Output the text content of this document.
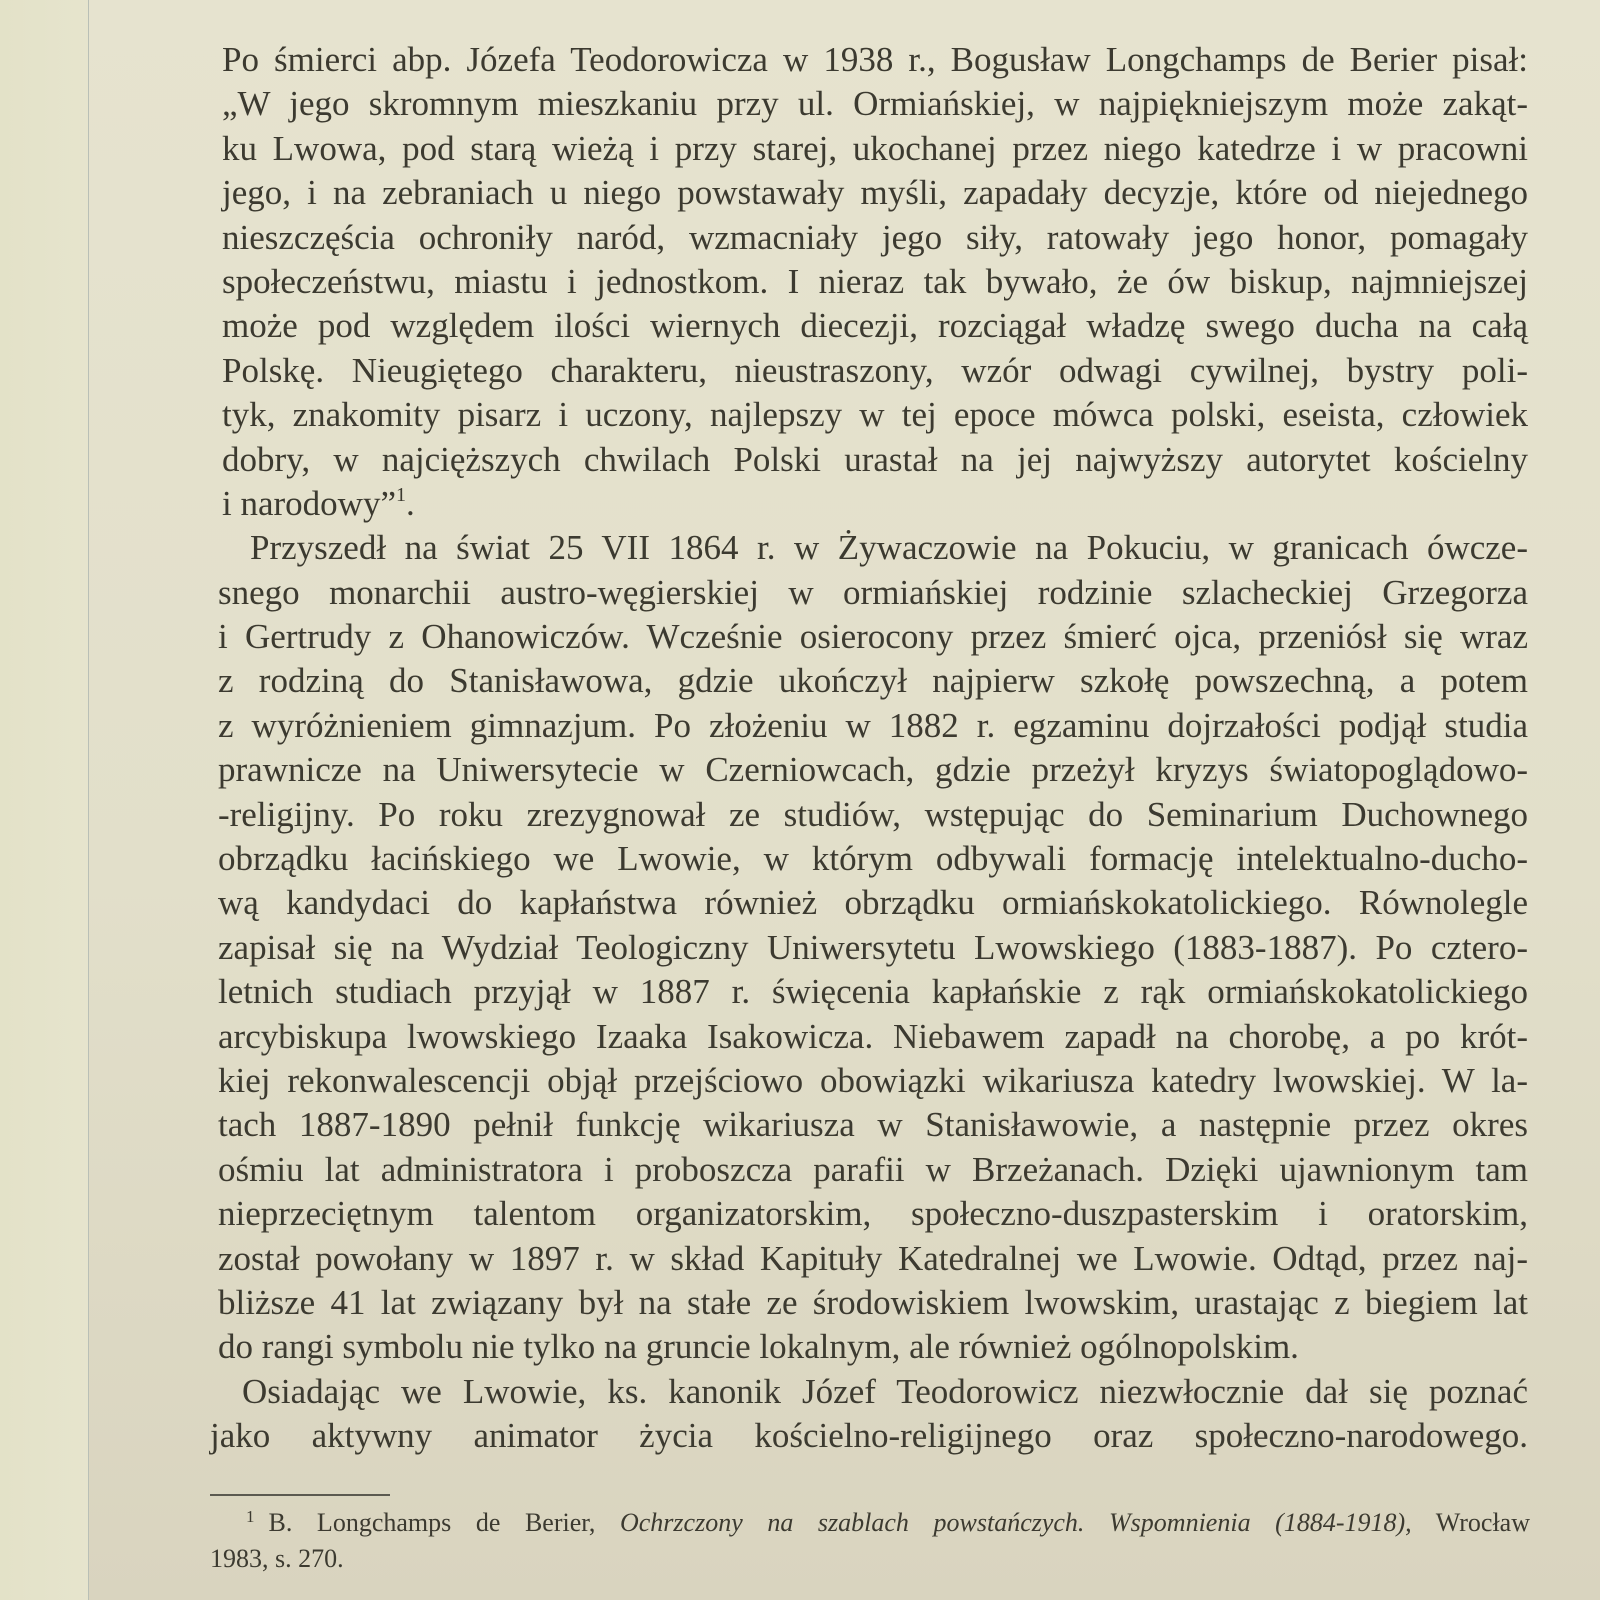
Po śmierci abp. Józefa Teodorowicza w 1938 r., Bogusław Longchamps de Berier pisał:
„W jego skromnym mieszkaniu przy ul. Ormiańskiej, w najpiękniejszym może zakąt-
ku Lwowa, pod starą wieżą i przy starej, ukochanej przez niego katedrze i w pracowni
jego, i na zebraniach u niego powstawały myśli, zapadały decyzje, które od niejednego
nieszczęścia ochroniły naród, wzmacniały jego siły, ratowały jego honor, pomagały
społeczeństwu, miastu i jednostkom. I nieraz tak bywało, że ów biskup, najmniejszej
może pod względem ilości wiernych diecezji, rozciągał władzę swego ducha na całą
Polskę. Nieugiętego charakteru, nieustraszony, wzór odwagi cywilnej, bystry poli-
tyk, znakomity pisarz i uczony, najlepszy w tej epoce mówca polski, eseista, człowiek
dobry, w najcięższych chwilach Polski urastał na jej najwyższy autorytet kościelny
i narodowy”$^1$.
Przyszedł na świat 25 VII 1864 r. w Żywaczowie na Pokuciu, w granicach ówcze-
snego monarchii austro-węgierskiej w ormiańskiej rodzinie szlacheckiej Grzegorza
i Gertrudy z Ohanowiczów. Wcześnie osierocony przez śmierć ojca, przeniósł się wraz
z rodziną do Stanisławowa, gdzie ukończył najpierw szkołę powszechną, a potem
z wyróżnieniem gimnazjum. Po złożeniu w 1882 r. egzaminu dojrzałości podjął studia
prawnicze na Uniwersytecie w Czerniowcach, gdzie przeżył kryzys światopoglądowo-
-religijny. Po roku zrezygnował ze studiów, wstępując do Seminarium Duchownego
obrządku łacińskiego we Lwowie, w którym odbywali formację intelektualno-ducho-
wą kandydaci do kapłaństwa również obrządku ormiańskokatolickiego. Równolegle
zapisał się na Wydział Teologiczny Uniwersytetu Lwowskiego (1883-1887). Po cztero-
letnich studiach przyjął w 1887 r. święcenia kapłańskie z rąk ormiańskokatolickiego
arcybiskupa lwowskiego Izaaka Isakowicza. Niebawem zapadł na chorobę, a po krót-
kiej rekonwalescencji objął przejściowo obowiązki wikariusza katedry lwowskiej. W la-
tach 1887-1890 pełnił funkcję wikariusza w Stanisławowie, a następnie przez okres
ośmiu lat administratora i proboszcza parafii w Brzeżanach. Dzięki ujawnionym tam
nieprzeciętnym talentom organizatorskim, społeczno-duszpasterskim i oratorskim,
został powołany w 1897 r. w skład Kapituły Katedralnej we Lwowie. Odtąd, przez naj-
bliższe 41 lat związany był na stałe ze środowiskiem lwowskim, urastając z biegiem lat
do rangi symbolu nie tylko na gruncie lokalnym, ale również ogólnopolskim.
Osiadając we Lwowie, ks. kanonik Józef Teodorowicz niezwłocznie dał się poznać
jako aktywny animator życia kościelno-religijnego oraz społeczno-narodowego.
$^1$ B. Longchamps de Berier, Ochrzczony na szablach powstańczych. Wspomnienia (1884-1918), Wrocław
1983, s. 270.
